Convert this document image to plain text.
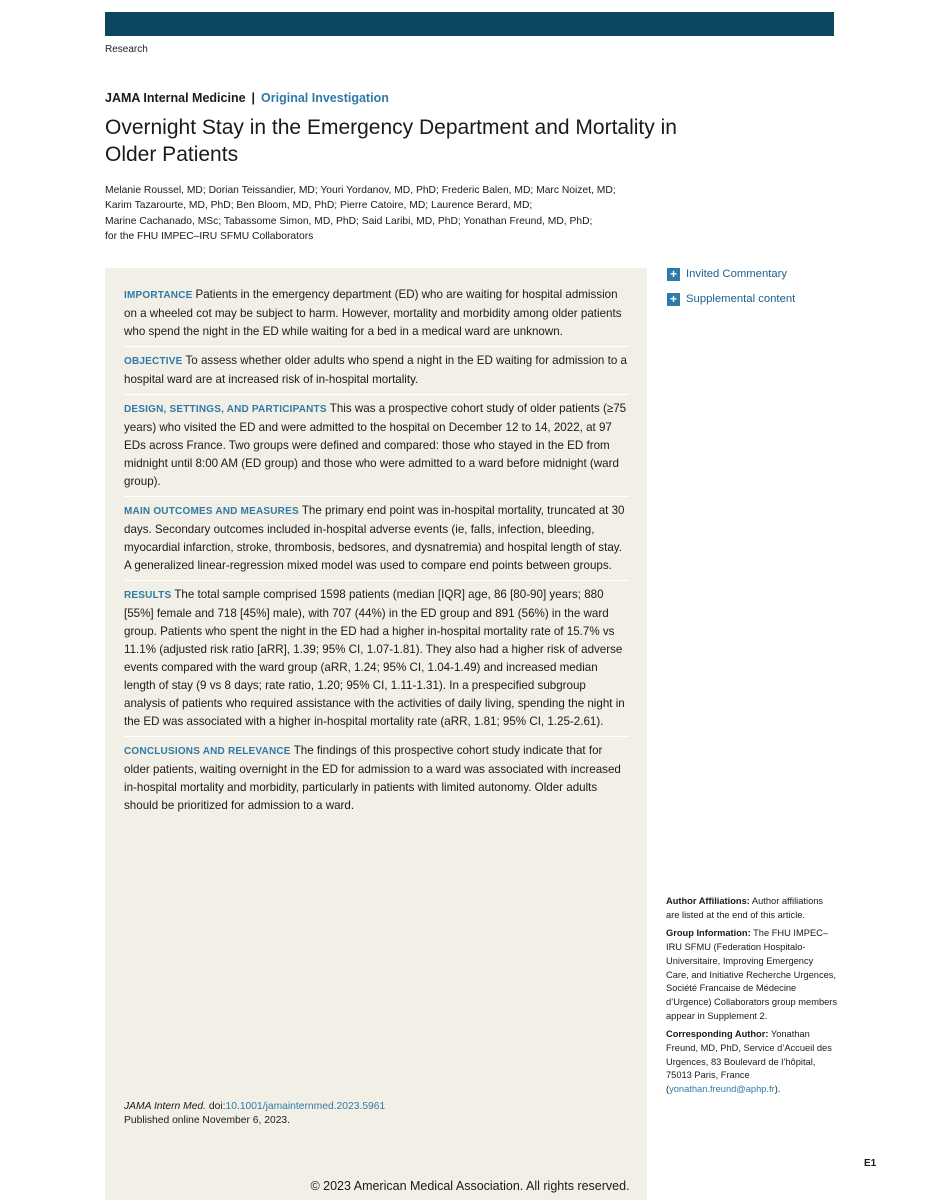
Research
JAMA Internal Medicine | Original Investigation
Overnight Stay in the Emergency Department and Mortality in Older Patients
Melanie Roussel, MD; Dorian Teissandier, MD; Youri Yordanov, MD, PhD; Frederic Balen, MD; Marc Noizet, MD;
Karim Tazarourte, MD, PhD; Ben Bloom, MD, PhD; Pierre Catoire, MD; Laurence Berard, MD;
Marine Cachanado, MSc; Tabassome Simon, MD, PhD; Said Laribi, MD, PhD; Yonathan Freund, MD, PhD;
for the FHU IMPEC–IRU SFMU Collaborators

IMPORTANCE Patients in the emergency department (ED) who are waiting for hospital admission on a wheeled cot may be subject to harm. However, mortality and morbidity among older patients who spend the night in the ED while waiting for a bed in a medical ward are unknown.

OBJECTIVE To assess whether older adults who spend a night in the ED waiting for admission to a hospital ward are at increased risk of in-hospital mortality.

DESIGN, SETTINGS, AND PARTICIPANTS This was a prospective cohort study of older patients (≥75 years) who visited the ED and were admitted to the hospital on December 12 to 14, 2022, at 97 EDs across France. Two groups were defined and compared: those who stayed in the ED from midnight until 8:00 AM (ED group) and those who were admitted to a ward before midnight (ward group).

MAIN OUTCOMES AND MEASURES The primary end point was in-hospital mortality, truncated at 30 days. Secondary outcomes included in-hospital adverse events (ie, falls, infection, bleeding, myocardial infarction, stroke, thrombosis, bedsores, and dysnatremia) and hospital length of stay. A generalized linear-regression mixed model was used to compare end points between groups.

RESULTS The total sample comprised 1598 patients (median [IQR] age, 86 [80-90] years; 880 [55%] female and 718 [45%] male), with 707 (44%) in the ED group and 891 (56%) in the ward group. Patients who spent the night in the ED had a higher in-hospital mortality rate of 15.7% vs 11.1% (adjusted risk ratio [aRR], 1.39; 95% CI, 1.07-1.81). They also had a higher risk of adverse events compared with the ward group (aRR, 1.24; 95% CI, 1.04-1.49) and increased median length of stay (9 vs 8 days; rate ratio, 1.20; 95% CI, 1.11-1.31). In a prespecified subgroup analysis of patients who required assistance with the activities of daily living, spending the night in the ED was associated with a higher in-hospital mortality rate (aRR, 1.81; 95% CI, 1.25-2.61).

CONCLUSIONS AND RELEVANCE The findings of this prospective cohort study indicate that for older patients, waiting overnight in the ED for admission to a ward was associated with increased in-hospital mortality and morbidity, particularly in patients with limited autonomy. Older adults should be prioritized for admission to a ward.

JAMA Intern Med. doi:10.1001/jamainternmed.2023.5961
Published online November 6, 2023.
+ Invited Commentary
+ Supplemental content

Author Affiliations: Author affiliations are listed at the end of this article.

Group Information: The FHU IMPEC–IRU SFMU (Federation Hospitalo-Universitaire, Improving Emergency Care, and Initiative Recherche Urgences, Société Francaise de Médecine d’Urgence) Collaborators group members appear in Supplement 2.

Corresponding Author: Yonathan Freund, MD, PhD, Service d’Accueil des Urgences, 83 Boulevard de l’hôpital, 75013 Paris, France (yonathan.freund@aphp.fr).

E1
© 2023 American Medical Association. All rights reserved.
